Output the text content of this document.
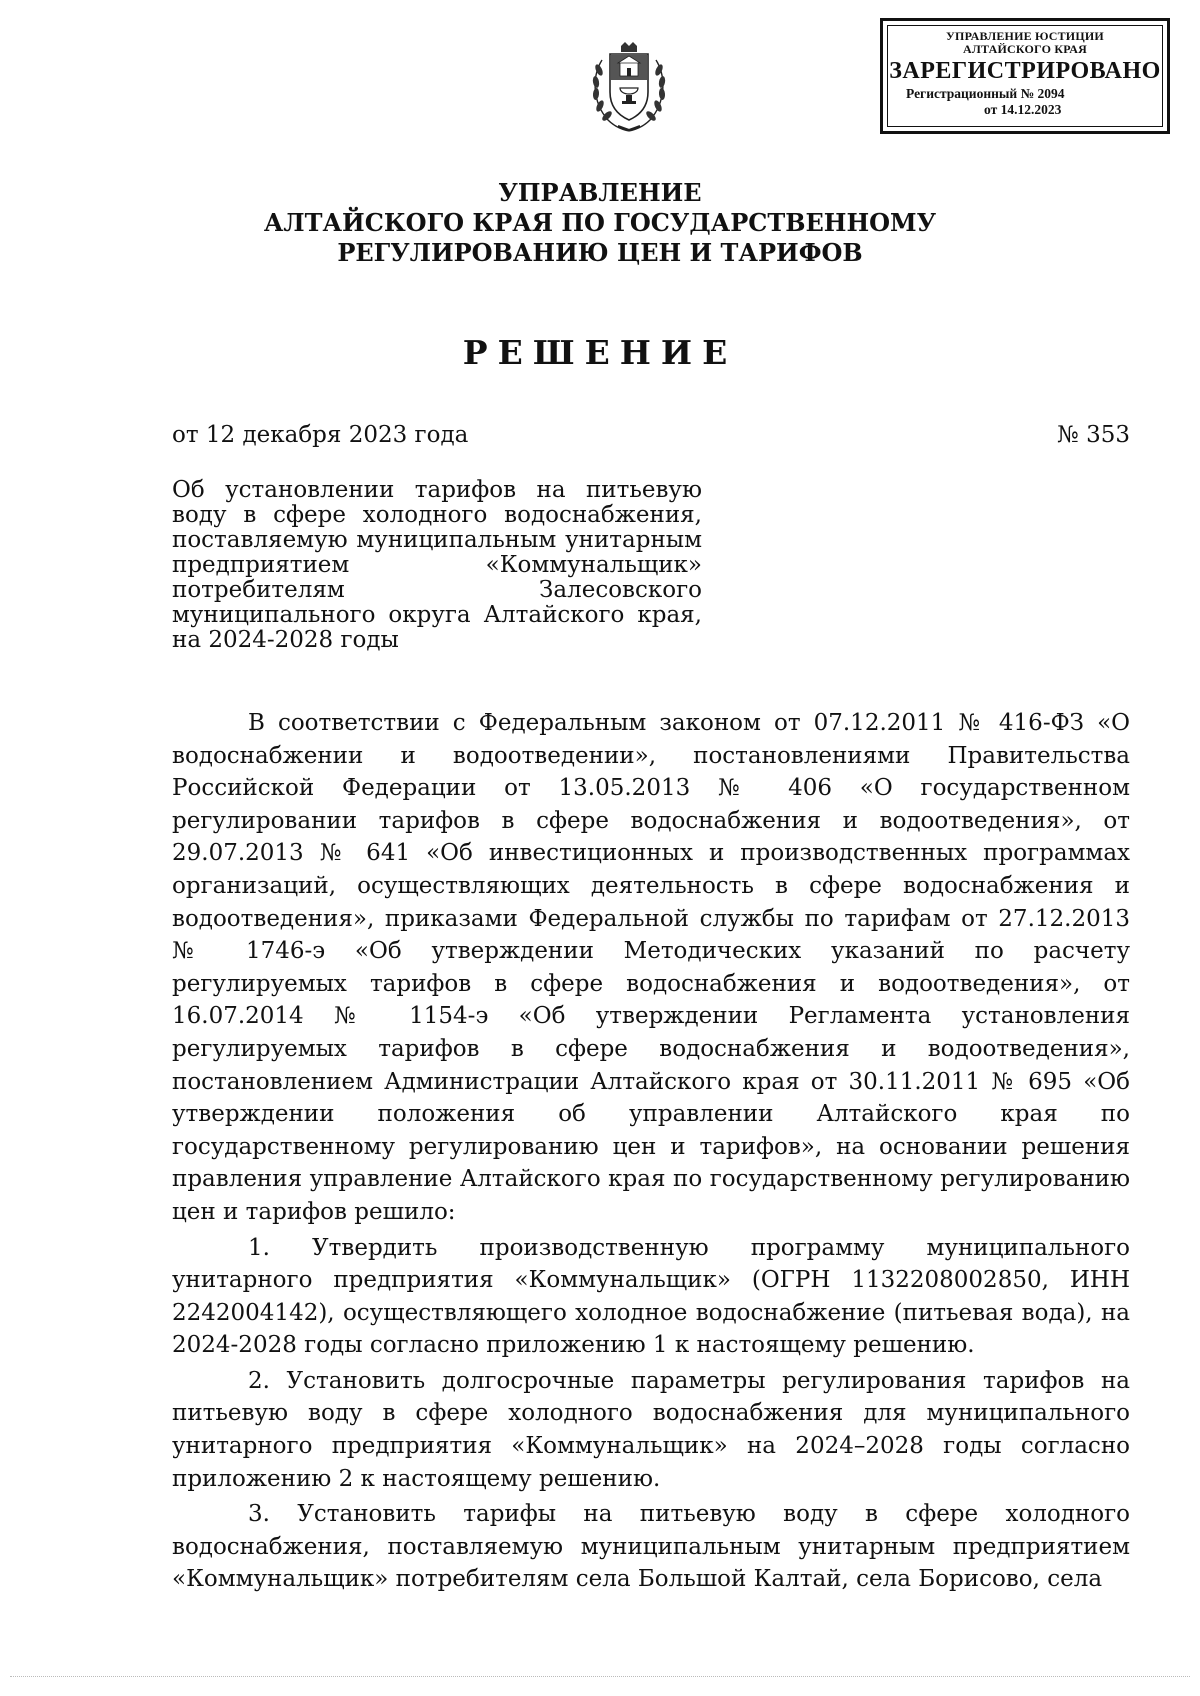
УПРАВЛЕНИЕ ЮСТИЦИИ
АЛТАЙСКОГО КРАЯ
ЗАРЕГИСТРИРОВАНО
Регистрационный № 2094
от 14.12.2023
УПРАВЛЕНИЕ
АЛТАЙСКОГО КРАЯ ПО ГОСУДАРСТВЕННОМУ
РЕГУЛИРОВАНИЮ ЦЕН И ТАРИФОВ
РЕШЕНИЕ
от 12 декабря 2023 года	№ 353
Об установлении тарифов на питьевую
воду в сфере холодного водоснабжения,
поставляемую муниципальным унитарным
предприятием «Коммунальщик»
потребителям Залесовского
муниципального округа Алтайского края,
на 2024-2028 годы

В соответствии с Федеральным законом от 07.12.2011 № 416-ФЗ «О водоснабжении и водоотведении», постановлениями Правительства Российской Федерации от 13.05.2013 № 406 «О государственном регулировании тарифов в сфере водоснабжения и водоотведения», от 29.07.2013 № 641 «Об инвестиционных и производственных программах организаций, осуществляющих деятельность в сфере водоснабжения и водоотведения», приказами Федеральной службы по тарифам от 27.12.2013 № 1746-э «Об утверждении Методических указаний по расчету регулируемых тарифов в сфере водоснабжения и водоотведения», от 16.07.2014 № 1154-э «Об утверждении Регламента установления регулируемых тарифов в сфере водоснабжения и водоотведения», постановлением Администрации Алтайского края от 30.11.2011 № 695 «Об утверждении положения об управлении Алтайского края по государственному регулированию цен и тарифов», на основании решения правления управление Алтайского края по государственному регулированию цен и тарифов решило:

1. Утвердить производственную программу муниципального унитарного предприятия «Коммунальщик» (ОГРН 1132208002850, ИНН 2242004142), осуществляющего холодное водоснабжение (питьевая вода), на 2024-2028 годы согласно приложению 1 к настоящему решению.

2. Установить долгосрочные параметры регулирования тарифов на питьевую воду в сфере холодного водоснабжения для муниципального унитарного предприятия «Коммунальщик» на 2024–2028 годы согласно приложению 2 к настоящему решению.

3. Установить тарифы на питьевую воду в сфере холодного водоснабжения, поставляемую муниципальным унитарным предприятием «Коммунальщик» потребителям села Большой Калтай, села Борисово, села
